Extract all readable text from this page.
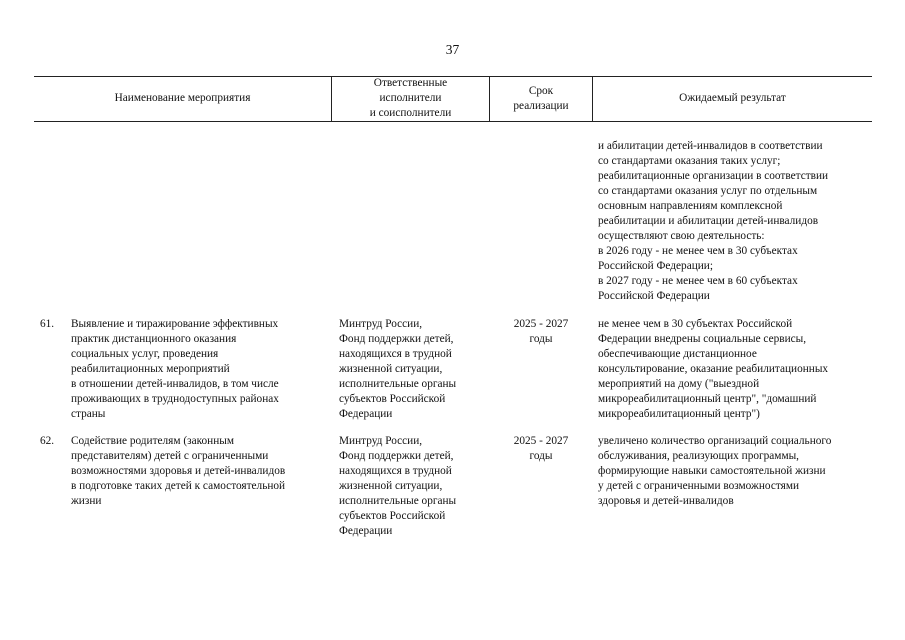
37
Наименование мероприятия
Ответственные
исполнители
и соисполнители
Срок
реализации
Ожидаемый результат
и абилитации детей-инвалидов в соответствии
со стандартами оказания таких услуг;
реабилитационные организации в соответствии
со стандартами оказания услуг по отдельным
основным направлениям комплексной
реабилитации и абилитации детей-инвалидов
осуществляют свою деятельность:
в 2026 году - не менее чем в 30 субъектах
Российской Федерации;
в 2027 году - не менее чем в 60 субъектах
Российской Федерации
61.	Выявление и тиражирование эффективных
практик дистанционного оказания
социальных услуг, проведения
реабилитационных мероприятий
в отношении детей-инвалидов, в том числе
проживающих в труднодоступных районах
страны
Минтруд России,
Фонд поддержки детей,
находящихся в трудной
жизненной ситуации,
исполнительные органы
субъектов Российской
Федерации
2025 - 2027
годы
не менее чем в 30 субъектах Российской
Федерации внедрены социальные сервисы,
обеспечивающие дистанционное
консультирование, оказание реабилитационных
мероприятий на дому ("выездной
микрореабилитационный центр", "домашний
микрореабилитационный центр")
62.	Содействие родителям (законным
представителям) детей с ограниченными
возможностями здоровья и детей-инвалидов
в подготовке таких детей к самостоятельной
жизни
Минтруд России,
Фонд поддержки детей,
находящихся в трудной
жизненной ситуации,
исполнительные органы
субъектов Российской
Федерации
2025 - 2027
годы
увеличено количество организаций социального
обслуживания, реализующих программы,
формирующие навыки самостоятельной жизни
у детей с ограниченными возможностями
здоровья и детей-инвалидов
